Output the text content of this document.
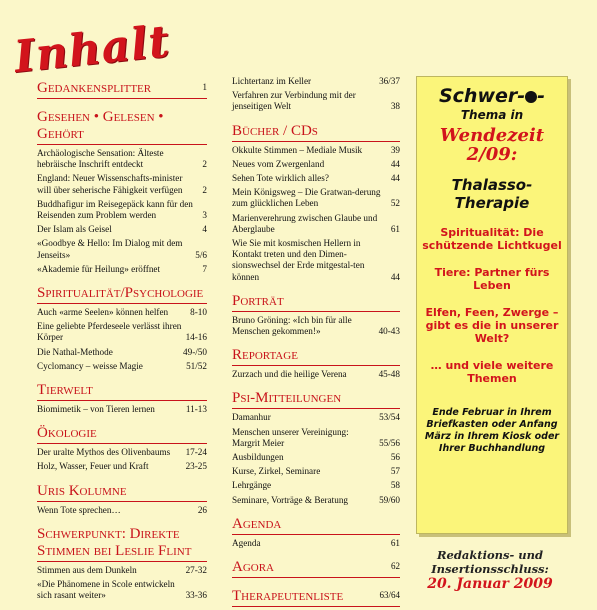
Inhalt
Gedankensplitter	1
Gesehen • Gelesen • Gehört
Archäologische Sensation: Älteste hebräische Inschrift entdeckt	2
England: Neuer Wissenschafts-minister will über seherische Fähigkeit verfügen	2
Buddhafigur im Reisegepäck kann für den Reisenden zum Problem werden	3
Der Islam als Geisel	4
«Goodbye & Hello: Im Dialog mit dem Jenseits»	5/6
«Akademie für Heilung» eröffnet	7
Spiritualität/Psychologie
Auch «arme Seelen» können helfen	8-10
Eine geliebte Pferdeseele verlässt ihren Körper	14-16
Die Nathal-Methode	49-/50
Cyclomancy – weisse Magie	51/52
Tierwelt
Biomimetik – von Tieren lernen	11-13
Ökologie
Der uralte Mythos des Olivenbaums	17-24
Holz, Wasser, Feuer und Kraft	23-25
Uris Kolumne
Wenn Tote sprechen…	26
Schwerpunkt: Direkte Stimmen bei Leslie Flint
Stimmen aus dem Dunkeln	27-32
«Die Phänomene in Scole entwickeln sich rasant weiter»	33-36
Lichtertanz im Keller	36/37
Verfahren zur Verbindung mit der jenseitigen Welt	38
Bücher / CDs
Okkulte Stimmen – Mediale Musik	39
Neues vom Zwergenland	44
Sehen Tote wirklich alles?	44
Mein Königsweg – Die Gratwan-derung zum glücklichen Leben	52
Marienverehrung zwischen Glaube und Aberglaube	61
Wie Sie mit kosmischen Hellern in Kontakt treten und den Dimen-sionswechsel der Erde mitgestal-ten können	44
Porträt
Bruno Gröning: «Ich bin für alle Menschen gekommen!»	40-43
Reportage
Zurzach und die heilige Verena	45-48
Psi-Mitteilungen
Damanhur	53/54
Menschen unserer Vereinigung: Margrit Meier	55/56
Ausbildungen	56
Kurse, Zirkel, Seminare	57
Lehrgänge	58
Seminare, Vorträge & Beratung	59/60
Agenda
Agenda	61
Agora	62
Therapeutenliste	63/64
Schwer- -
Thema in
Wendezeit 2/09:
Thalasso-Therapie
Spiritualität: Die schützende Lichtkugel
Tiere: Partner fürs Leben
Elfen, Feen, Zwerge – gibt es die in unserer Welt?
… und viele weitere Themen
Ende Februar in Ihrem Briefkasten oder Anfang März in Ihrem Kiosk oder Ihrer Buchhandlung
Redaktions- und
Insertionsschluss:
20. Januar 2009
